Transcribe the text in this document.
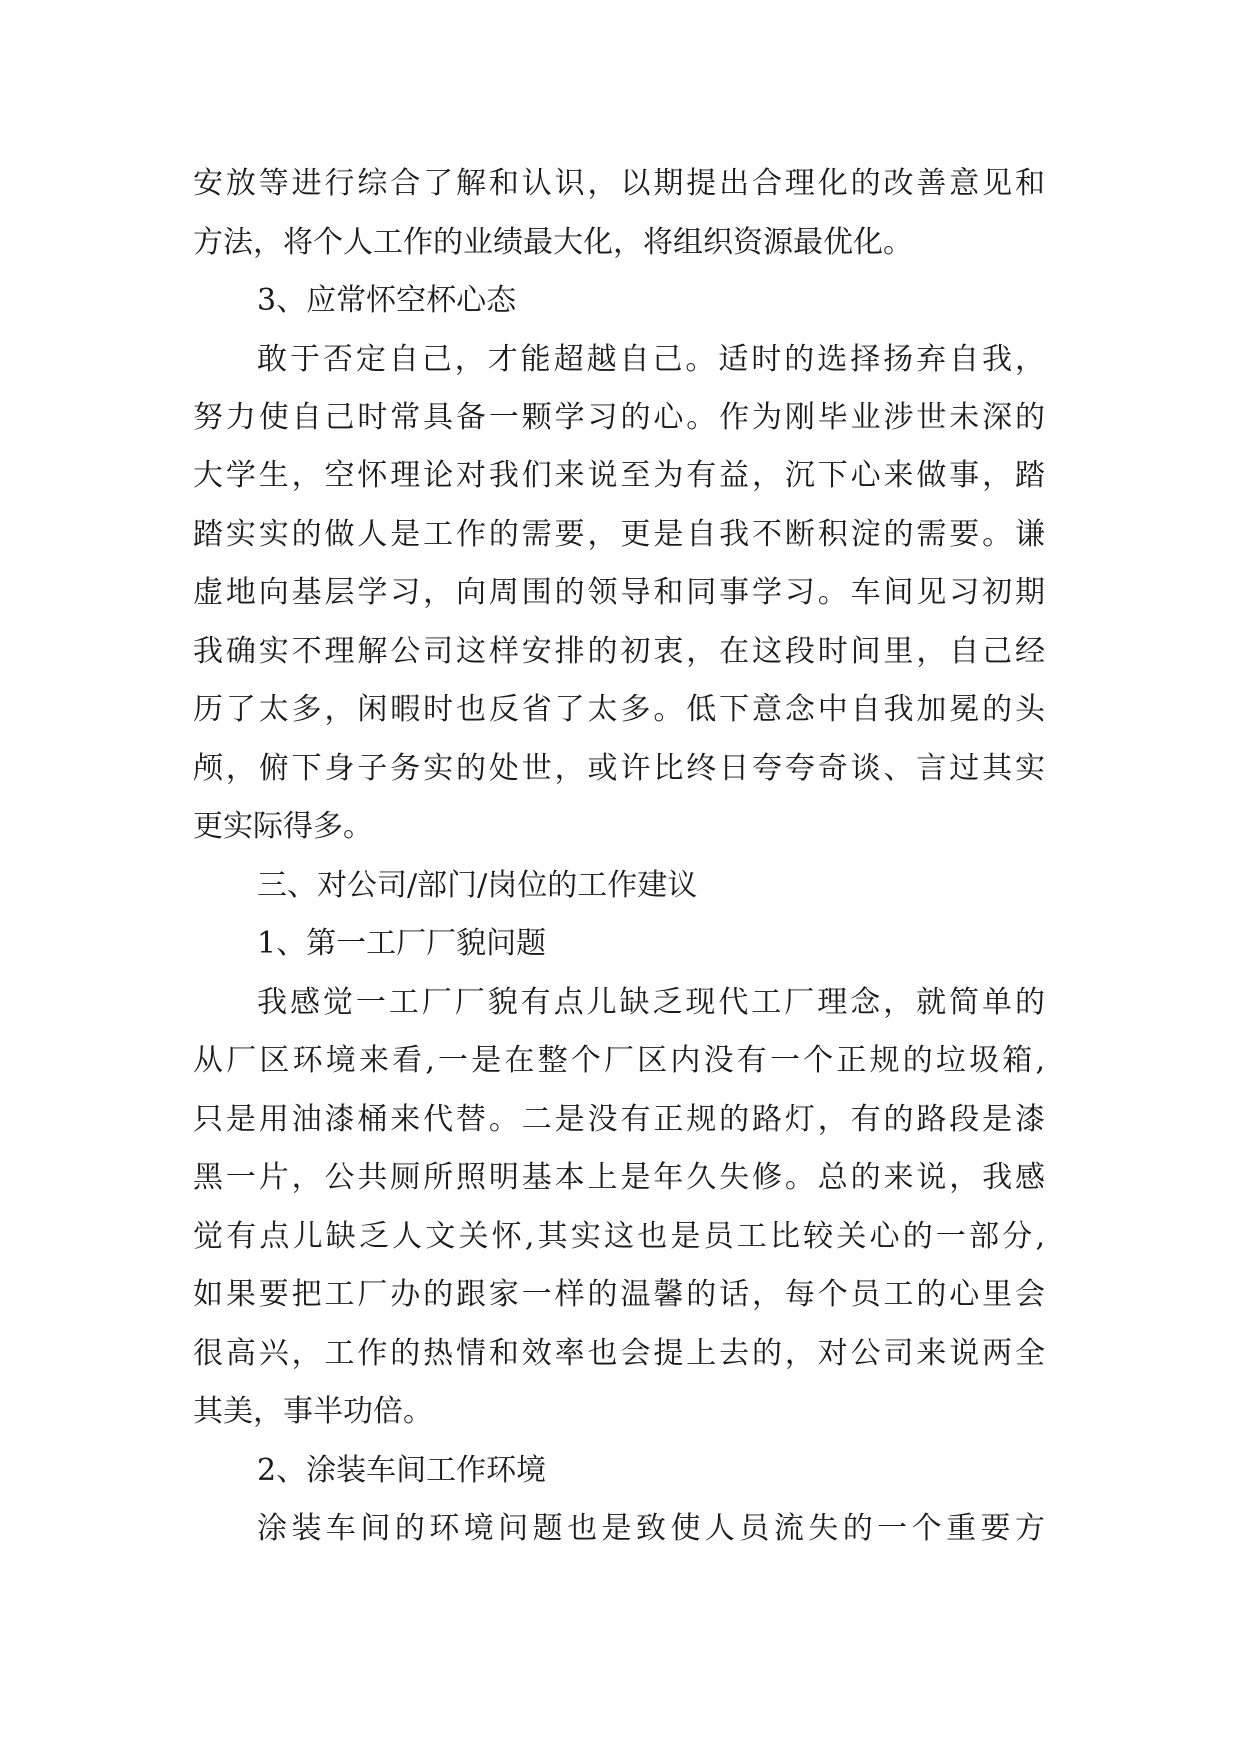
安放等进行综合了解和认识，以期提出合理化的改善意见和
方法，将个人工作的业绩最大化，将组织资源最优化。
3、应常怀空杯心态
敢于否定自己，才能超越自己。适时的选择扬弃自我，
努力使自己时常具备一颗学习的心。作为刚毕业涉世未深的
大学生，空怀理论对我们来说至为有益，沉下心来做事，踏
踏实实的做人是工作的需要，更是自我不断积淀的需要。谦
虚地向基层学习，向周围的领导和同事学习。车间见习初期
我确实不理解公司这样安排的初衷，在这段时间里，自己经
历了太多，闲暇时也反省了太多。低下意念中自我加冕的头
颅，俯下身子务实的处世，或许比终日夸夸奇谈、言过其实
更实际得多。
三、对公司/部门/岗位的工作建议
1、第一工厂厂貌问题
我感觉一工厂厂貌有点儿缺乏现代工厂理念，就简单的
从厂区环境来看,一是在整个厂区内没有一个正规的垃圾箱,
只是用油漆桶来代替。二是没有正规的路灯，有的路段是漆
黑一片，公共厕所照明基本上是年久失修。总的来说，我感
觉有点儿缺乏人文关怀,其实这也是员工比较关心的一部分,
如果要把工厂办的跟家一样的温馨的话，每个员工的心里会
很高兴，工作的热情和效率也会提上去的，对公司来说两全
其美，事半功倍。
2、涂装车间工作环境
涂装车间的环境问题也是致使人员流失的一个重要方
